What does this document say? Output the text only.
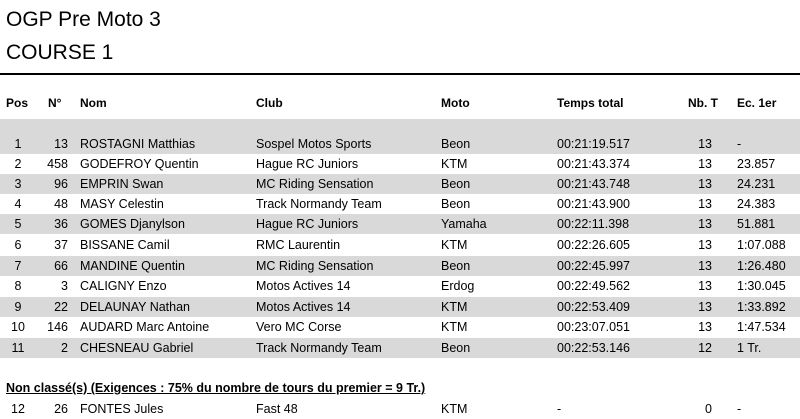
OGP Pre Moto 3
COURSE 1
Pos	N° Nom	Club	Moto	Temps total	Nb. T Ec. 1er
1	13 ROSTAGNI Matthias	Sospel Motos Sports	Beon	00:21:19.517	13 -
2	458 GODEFROY Quentin	Hague RC Juniors	KTM	00:21:43.374	13 23.857
3	96 EMPRIN Swan	MC Riding Sensation	Beon	00:21:43.748	13 24.231
4	48 MASY Celestin	Track Normandy Team	Beon	00:21:43.900	13 24.383
5	36 GOMES Djanylson	Hague RC Juniors	Yamaha	00:22:11.398	13 51.881
6	37 BISSANE Camil	RMC Laurentin	KTM	00:22:26.605	13 1:07.088
7	66 MANDINE Quentin	MC Riding Sensation	Beon	00:22:45.997	13 1:26.480
8	3 CALIGNY Enzo	Motos Actives 14	Erdog	00:22:49.562	13 1:30.045
9	22 DELAUNAY Nathan	Motos Actives 14	KTM	00:22:53.409	13 1:33.892
10	146 AUDARD Marc Antoine	Vero MC Corse	KTM	00:23:07.051	13 1:47.534
11	2 CHESNEAU Gabriel	Track Normandy Team	Beon	00:22:53.146	12 1 Tr.
Non classé(s) (Exigences : 75% du nombre de tours du premier = 9 Tr.)
12	26 FONTES Jules	Fast 48	KTM	-	0 -
